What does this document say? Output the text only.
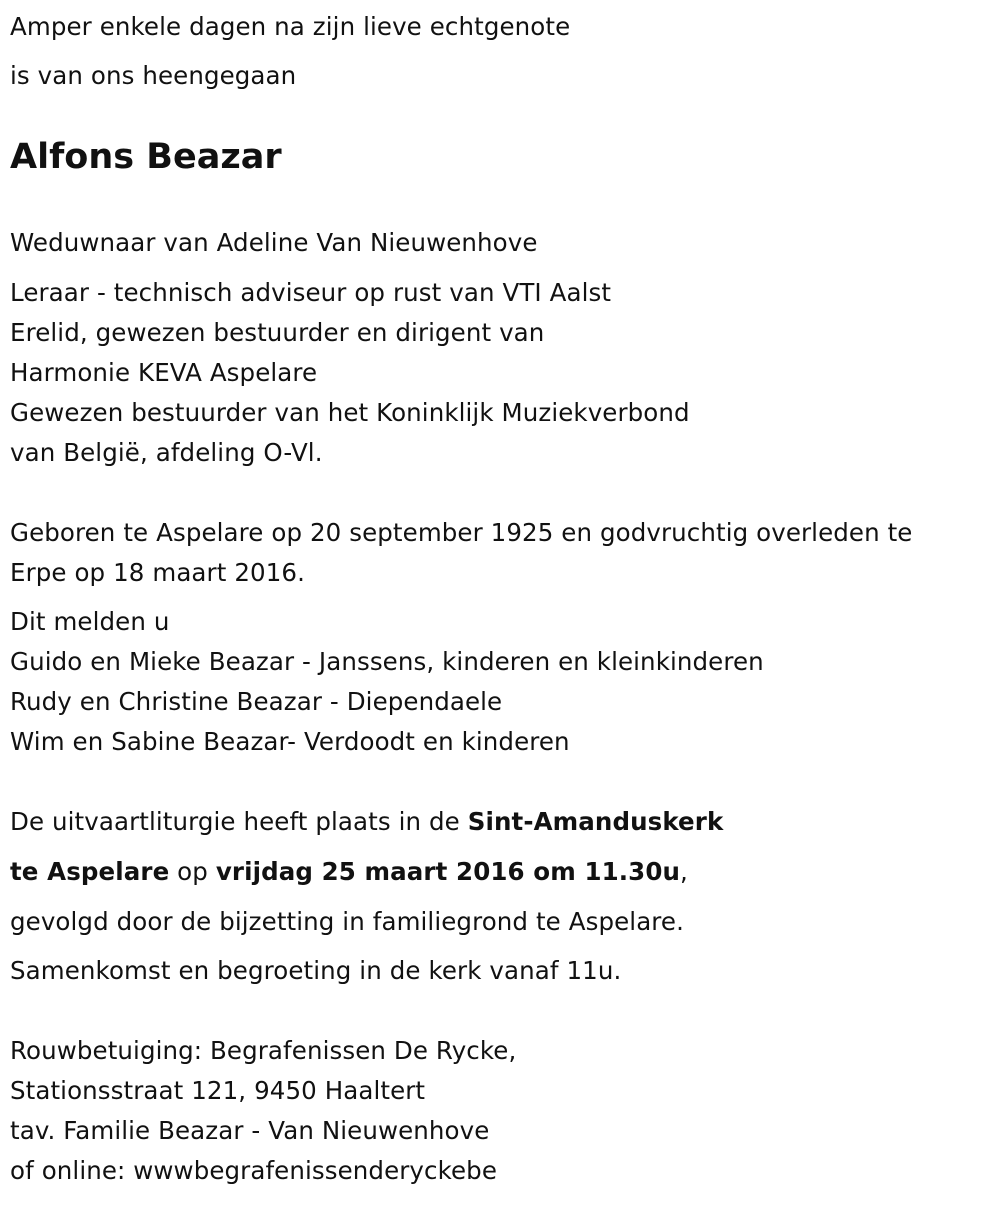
Amper enkele dagen na zijn lieve echtgenote

is van ons heengegaan

Alfons Beazar

Weduwnaar van Adeline Van Nieuwenhove

Leraar - technisch adviseur op rust van VTI Aalst

Erelid, gewezen bestuurder en dirigent van

Harmonie KEVA Aspelare

Gewezen bestuurder van het Koninklijk Muziekverbond

van België, afdeling O-Vl.

Geboren te Aspelare op 20 september 1925 en godvruchtig overleden te

Erpe op 18 maart 2016.

Dit melden u

Guido en Mieke Beazar - Janssens, kinderen en kleinkinderen

Rudy en Christine Beazar - Diependaele

Wim en Sabine Beazar- Verdoodt en kinderen

De uitvaartliturgie heeft plaats in de Sint-Amanduskerk

te Aspelare op vrijdag 25 maart 2016 om 11.30u,

gevolgd door de bijzetting in familiegrond te Aspelare.

Samenkomst en begroeting in de kerk vanaf 11u.

Rouwbetuiging: Begrafenissen De Rycke,

Stationsstraat 121, 9450 Haaltert

tav. Familie Beazar - Van Nieuwenhove

of online: wwwbegrafenissenderyckebe
